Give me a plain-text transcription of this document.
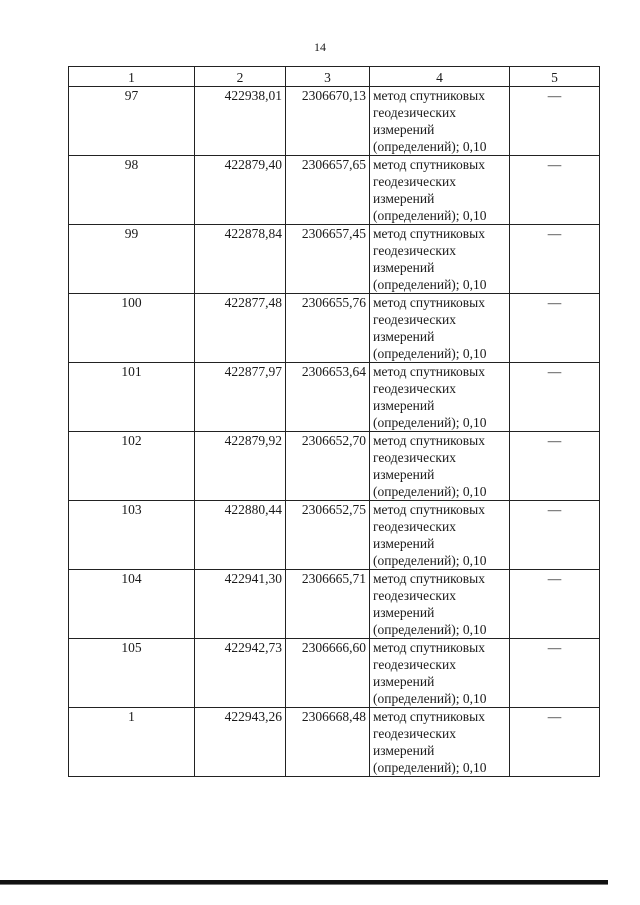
14
1	2	3	4	5
97	422938,01	2306670,13	метод спутниковых
геодезических
измерений
(определений); 0,10	—
98	422879,40	2306657,65	метод спутниковых
геодезических
измерений
(определений); 0,10	—
99	422878,84	2306657,45	метод спутниковых
геодезических
измерений
(определений); 0,10	—
100	422877,48	2306655,76	метод спутниковых
геодезических
измерений
(определений); 0,10	—
101	422877,97	2306653,64	метод спутниковых
геодезических
измерений
(определений); 0,10	—
102	422879,92	2306652,70	метод спутниковых
геодезических
измерений
(определений); 0,10	—
103	422880,44	2306652,75	метод спутниковых
геодезических
измерений
(определений); 0,10	—
104	422941,30	2306665,71	метод спутниковых
геодезических
измерений
(определений); 0,10	—
105	422942,73	2306666,60	метод спутниковых
геодезических
измерений
(определений); 0,10	—
1	422943,26	2306668,48	метод спутниковых
геодезических
измерений
(определений); 0,10	—
